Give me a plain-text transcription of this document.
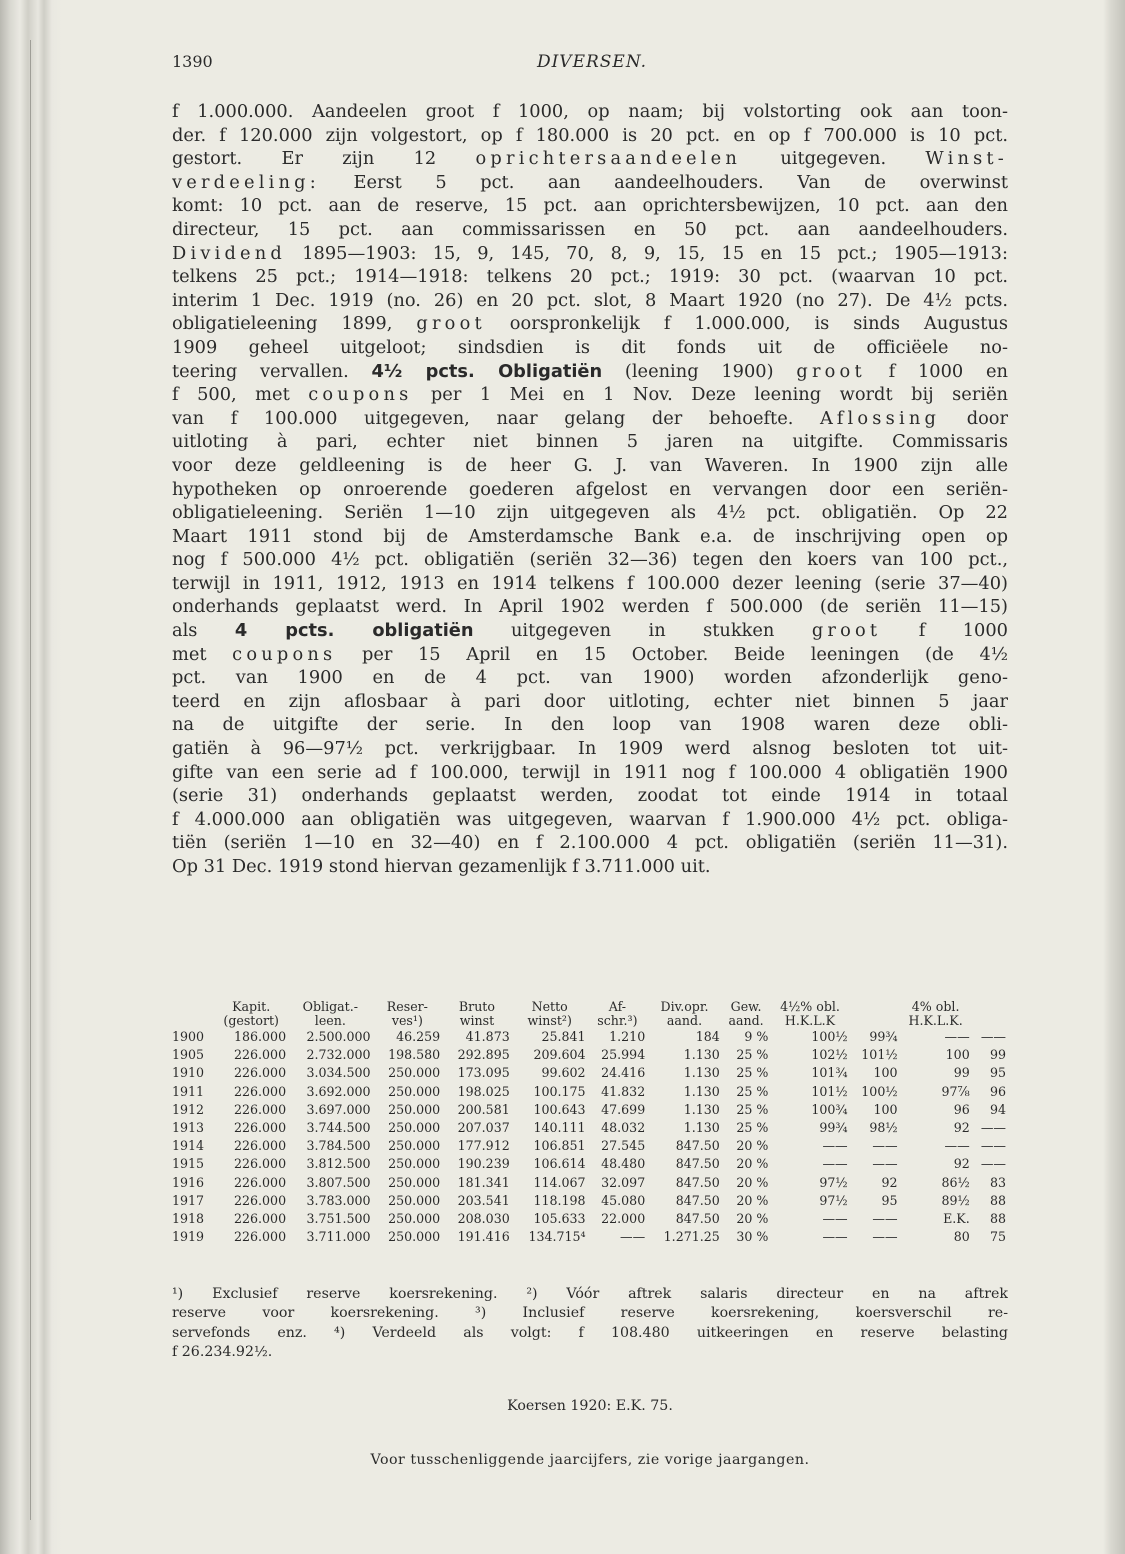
1390	DIVERSEN.
f 1.000.000. Aandeelen groot f 1000, op naam; bij volstorting ook aan toon-
der. f 120.000 zijn volgestort, op f 180.000 is 20 pct. en op f 700.000 is 10 pct.
gestort. Er zijn 12 oprichtersaandeelen uitgegeven. Winst-
verdeeling: Eerst 5 pct. aan aandeelhouders. Van de overwinst
komt: 10 pct. aan de reserve, 15 pct. aan oprichtersbewijzen, 10 pct. aan den
directeur, 15 pct. aan commissarissen en 50 pct. aan aandeelhouders.
Dividend 1895—1903: 15, 9, 145, 70, 8, 9, 15, 15 en 15 pct.; 1905—1913:
telkens 25 pct.; 1914—1918: telkens 20 pct.; 1919: 30 pct. (waarvan 10 pct.
interim 1 Dec. 1919 (no. 26) en 20 pct. slot, 8 Maart 1920 (no 27). De 4½ pcts.
obligatieleening 1899, groot oorspronkelijk f 1.000.000, is sinds Augustus
1909 geheel uitgeloot; sindsdien is dit fonds uit de officiëele no-
teering vervallen. 4½ pcts. Obligatiën (leening 1900) groot f 1000 en
f 500, met coupons per 1 Mei en 1 Nov. Deze leening wordt bij seriën
van f 100.000 uitgegeven, naar gelang der behoefte. Aflossing door
uitloting à pari, echter niet binnen 5 jaren na uitgifte. Commissaris
voor deze geldleening is de heer G. J. van Waveren. In 1900 zijn alle
hypotheken op onroerende goederen afgelost en vervangen door een seriën-
obligatieleening. Seriën 1—10 zijn uitgegeven als 4½ pct. obligatiën. Op 22
Maart 1911 stond bij de Amsterdamsche Bank e.a. de inschrijving open op
nog f 500.000 4½ pct. obligatiën (seriën 32—36) tegen den koers van 100 pct.,
terwijl in 1911, 1912, 1913 en 1914 telkens f 100.000 dezer leening (serie 37—40)
onderhands geplaatst werd. In April 1902 werden f 500.000 (de seriën 11—15)
als 4 pcts. obligatiën uitgegeven in stukken groot f 1000
met coupons per 15 April en 15 October. Beide leeningen (de 4½
pct. van 1900 en de 4 pct. van 1900) worden afzonderlijk geno-
teerd en zijn aflosbaar à pari door uitloting, echter niet binnen 5 jaar
na de uitgifte der serie. In den loop van 1908 waren deze obli-
gatiën à 96—97½ pct. verkrijgbaar. In 1909 werd alsnog besloten tot uit-
gifte van een serie ad f 100.000, terwijl in 1911 nog f 100.000 4 obligatiën 1900
(serie 31) onderhands geplaatst werden, zoodat tot einde 1914 in totaal
f 4.000.000 aan obligatiën was uitgegeven, waarvan f 1.900.000 4½ pct. obliga-
tiën (seriën 1—10 en 32—40) en f 2.100.000 4 pct. obligatiën (seriën 11—31).
Op 31 Dec. 1919 stond hiervan gezamenlijk f 3.711.000 uit.
	Kapit.	Obligat.-	Reser-	Bruto	Netto	Af-	Div.opr.	Gew.	4½% obl.		4% obl.	
	(gestort)	leen.	ves¹)	winst	winst²)	schr.³)	aand.	aand.	H.K.L.K		H.K.L.K.	
1900	186.000	2.500.000	46.259	41.873	25.841	1.210	184	9 %	100½	99¾	——	——
1905	226.000	2.732.000	198.580	292.895	209.604	25.994	1.130	25 %	102½	101½	100	99
1910	226.000	3.034.500	250.000	173.095	99.602	24.416	1.130	25 %	101¾	100	99	95
1911	226.000	3.692.000	250.000	198.025	100.175	41.832	1.130	25 %	101½	100½	97⅞	96
1912	226.000	3.697.000	250.000	200.581	100.643	47.699	1.130	25 %	100¾	100	96	94
1913	226.000	3.744.500	250.000	207.037	140.111	48.032	1.130	25 %	99¾	98½	92	——
1914	226.000	3.784.500	250.000	177.912	106.851	27.545	847.50	20 %	——	——	——	——
1915	226.000	3.812.500	250.000	190.239	106.614	48.480	847.50	20 %	——	——	92	——
1916	226.000	3.807.500	250.000	181.341	114.067	32.097	847.50	20 %	97½	92	86½	83
1917	226.000	3.783.000	250.000	203.541	118.198	45.080	847.50	20 %	97½	95	89½	88
1918	226.000	3.751.500	250.000	208.030	105.633	22.000	847.50	20 %	——	——	E.K.	88
1919	226.000	3.711.000	250.000	191.416	134.715⁴	——	1.271.25	30 %	——	——	80	75
¹) Exclusief reserve koersrekening. ²) Vóór aftrek salaris directeur en na aftrek
reserve voor koersrekening. ³) Inclusief reserve koersrekening, koersverschil re-
servefonds enz. ⁴) Verdeeld als volgt: f 108.480 uitkeeringen en reserve belasting
f 26.234.92½.
Koersen 1920: E.K. 75.
Voor tusschenliggende jaarcijfers, zie vorige jaargangen.
